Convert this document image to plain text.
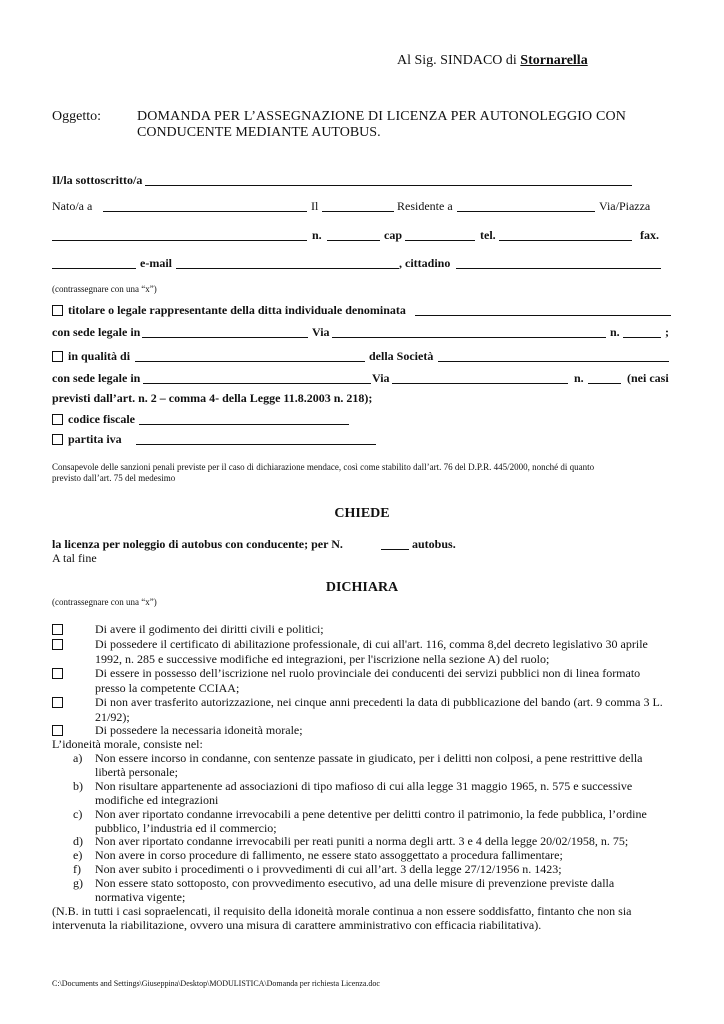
Al Sig. SINDACO di Stornarella
Oggetto:	DOMANDA PER L’ASSEGNAZIONE DI LICENZA PER AUTONOLEGGIO CON
CONDUCENTE MEDIANTE AUTOBUS.
Il/la sottoscritto/a
Nato/a a	Il	Residente a	Via/Piazza
n.	cap	tel.	fax.
e-mail	, cittadino
(contrassegnare con una “x”)
titolare o legale rappresentante della ditta individuale denominata
con sede legale in	Via	n.	;
in qualità di	della Società
con sede legale in	Via	n.	(nei casi
previsti dall’art. n. 2 – comma 4- della Legge 11.8.2003 n. 218);
codice fiscale
partita iva
Consapevole delle sanzioni penali previste per il caso di dichiarazione mendace, così come stabilito dall’art. 76 del D.P.R. 445/2000, nonché di quanto
previsto dall’art. 75 del medesimo
CHIEDE
la licenza per noleggio di autobus con conducente; per N.	autobus.
A tal fine
DICHIARA
(contrassegnare con una “x”)
Di avere il godimento dei diritti civili e politici;
Di possedere il certificato di abilitazione professionale, di cui all'art. 116, comma 8,del decreto legislativo 30 aprile
1992, n. 285 e successive modifiche ed integrazioni, per l'iscrizione nella sezione A) del ruolo;
Di essere in possesso dell’iscrizione nel ruolo provinciale dei conducenti dei servizi pubblici non di linea formato
presso la competente CCIAA;
Di non aver trasferito autorizzazione, nei cinque anni precedenti la data di pubblicazione del bando (art. 9 comma 3 L.
21/92);
Di possedere la necessaria idoneità morale;
L’idoneità morale, consiste nel:
a) Non essere incorso in condanne, con sentenze passate in giudicato, per i delitti non colposi, a pene restrittive della
libertà personale;
b) Non risultare appartenente ad associazioni di tipo mafioso di cui alla legge 31 maggio 1965, n. 575 e successive
modifiche ed integrazioni
c) Non aver riportato condanne irrevocabili a pene detentive per delitti contro il patrimonio, la fede pubblica, l’ordine
pubblico, l’industria ed il commercio;
d) Non aver riportato condanne irrevocabili per reati puniti a norma degli artt. 3 e 4 della legge 20/02/1958, n. 75;
e) Non avere in corso procedure di fallimento, ne essere stato assoggettato a procedura fallimentare;
f) Non aver subito i procedimenti o i provvedimenti di cui all’art. 3 della legge 27/12/1956 n. 1423;
g) Non essere stato sottoposto, con provvedimento esecutivo, ad una delle misure di prevenzione previste dalla
normativa vigente;
(N.B. in tutti i casi sopraelencati, il requisito della idoneità morale continua a non essere soddisfatto, fintanto che non sia
intervenuta la riabilitazione, ovvero una misura di carattere amministrativo con efficacia riabilitativa).
C:\Documents and Settings\Giuseppina\Desktop\MODULISTICA\Domanda per richiesta Licenza.doc
